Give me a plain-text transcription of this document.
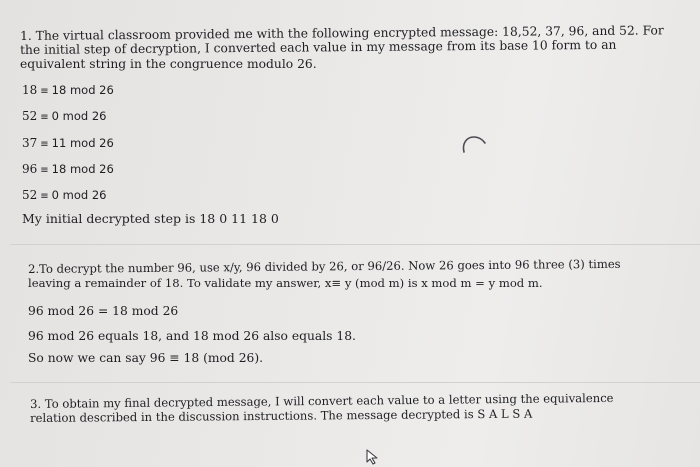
1. The virtual classroom provided me with the following encrypted message: 18,52, 37, 96, and 52. For
the initial step of decryption, I converted each value in my message from its base 10 form to an
equivalent string in the congruence modulo 26.
18 ≡ 18 mod 26
52 ≡ 0 mod 26
37 ≡ 11 mod 26
96 ≡ 18 mod 26
52 ≡ 0 mod 26
My initial decrypted step is 18 0 11 18 0
2.To decrypt the number 96, use x/y, 96 divided by 26, or 96/26. Now 26 goes into 96 three (3) times
leaving a remainder of 18. To validate my answer, x≡ y (mod m) is x mod m = y mod m.
96 mod 26 = 18 mod 26
96 mod 26 equals 18, and 18 mod 26 also equals 18.
So now we can say 96 ≡ 18 (mod 26).
3. To obtain my final decrypted message, I will convert each value to a letter using the equivalence
relation described in the discussion instructions. The message decrypted is S A L S A
